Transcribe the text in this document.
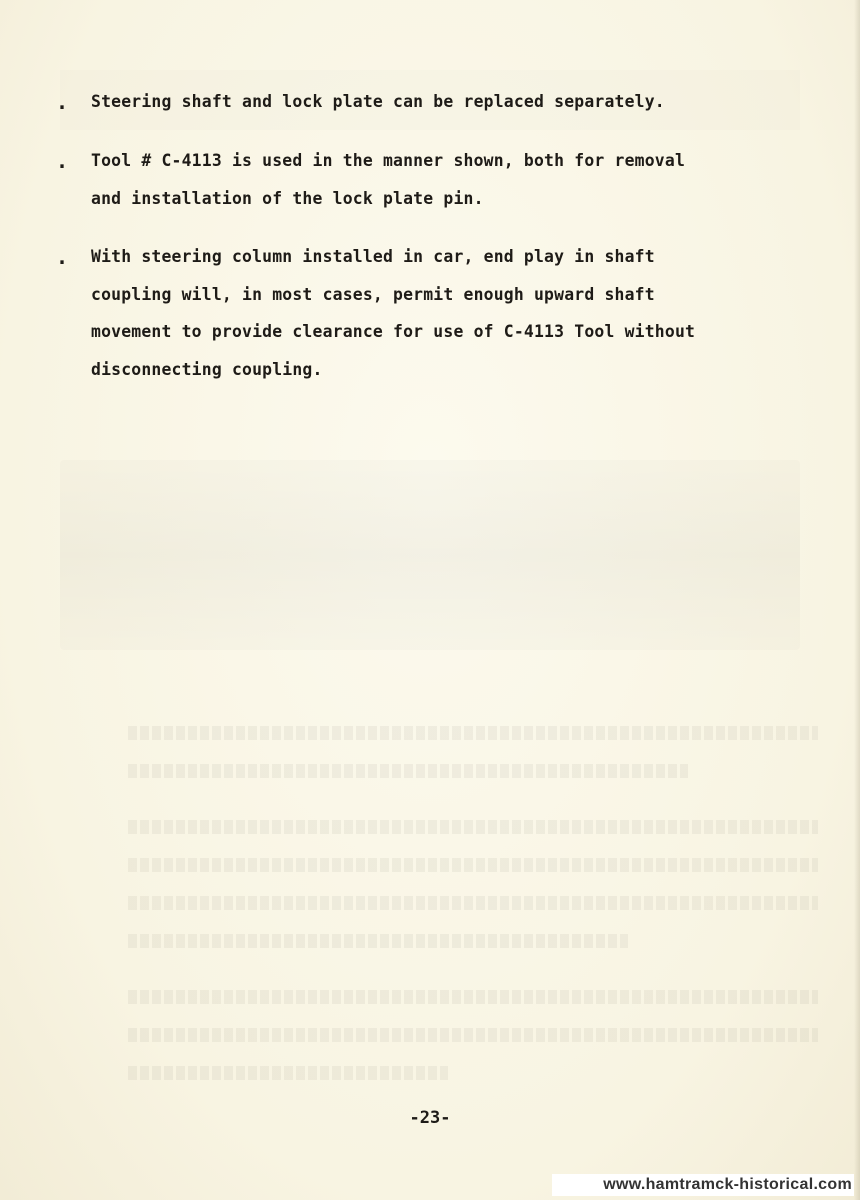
. Steering shaft and lock plate can be replaced separately.
. Tool # C-4113 is used in the manner shown, both for removal
and installation of the lock plate pin.
. With steering column installed in car, end play in shaft
coupling will, in most cases, permit enough upward shaft
movement to provide clearance for use of C-4113 Tool without
disconnecting coupling.
-23-
www.hamtramck-historical.com
